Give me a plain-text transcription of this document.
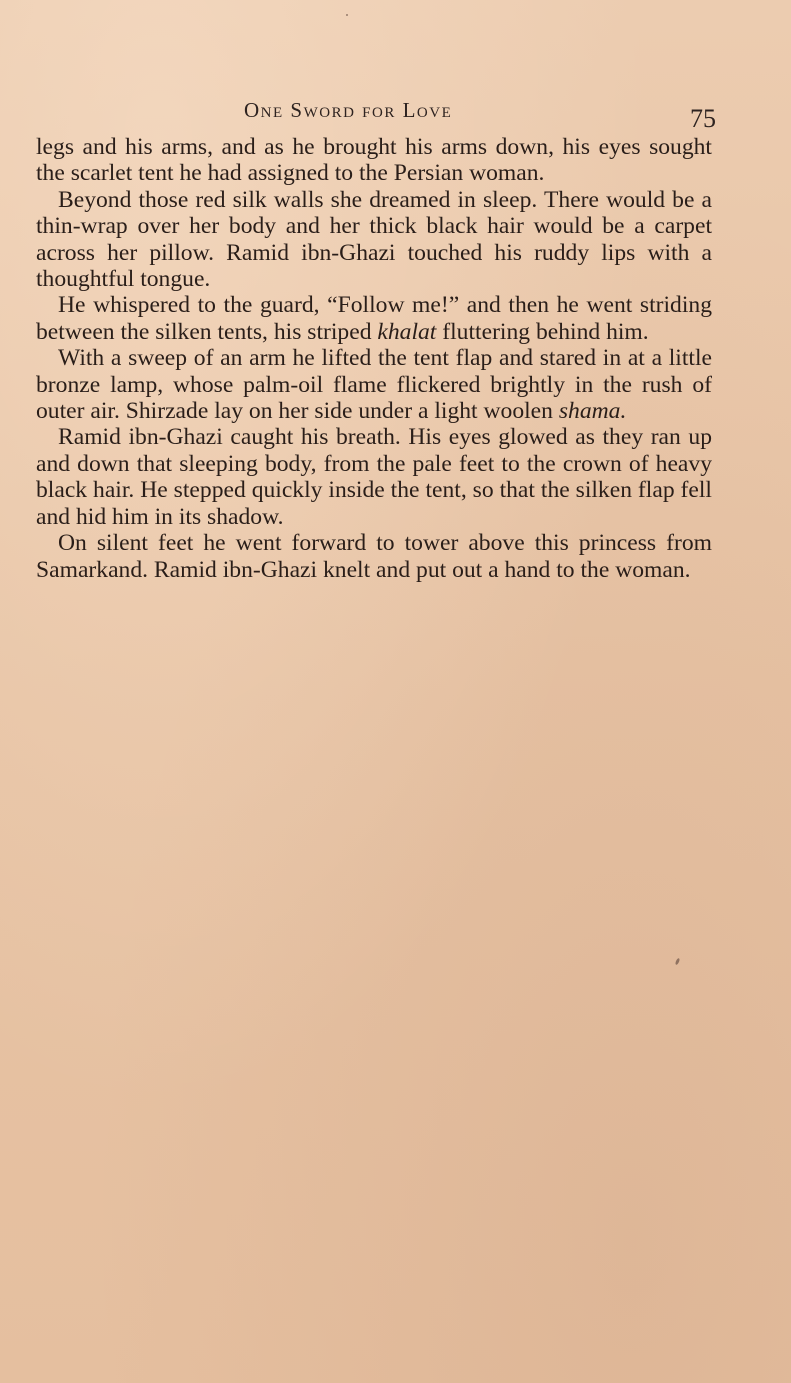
One Sword for Love	75

legs and his arms, and as he brought his arms down, his eyes sought the scarlet tent he had assigned to the Persian woman.

Beyond those red silk walls she dreamed in sleep. There would be a thin-wrap over her body and her thick black hair would be a carpet across her pillow. Ramid ibn-Ghazi touched his ruddy lips with a thoughtful tongue.

He whispered to the guard, “Follow me!” and then he went striding between the silken tents, his striped khalat fluttering behind him.

With a sweep of an arm he lifted the tent flap and stared in at a little bronze lamp, whose palm-oil flame flickered brightly in the rush of outer air. Shirzade lay on her side under a light woolen shama.

Ramid ibn-Ghazi caught his breath. His eyes glowed as they ran up and down that sleeping body, from the pale feet to the crown of heavy black hair. He stepped quickly inside the tent, so that the silken flap fell and hid him in its shadow.

On silent feet he went forward to tower above this princess from Samarkand. Ramid ibn-Ghazi knelt and put out a hand to the woman.
